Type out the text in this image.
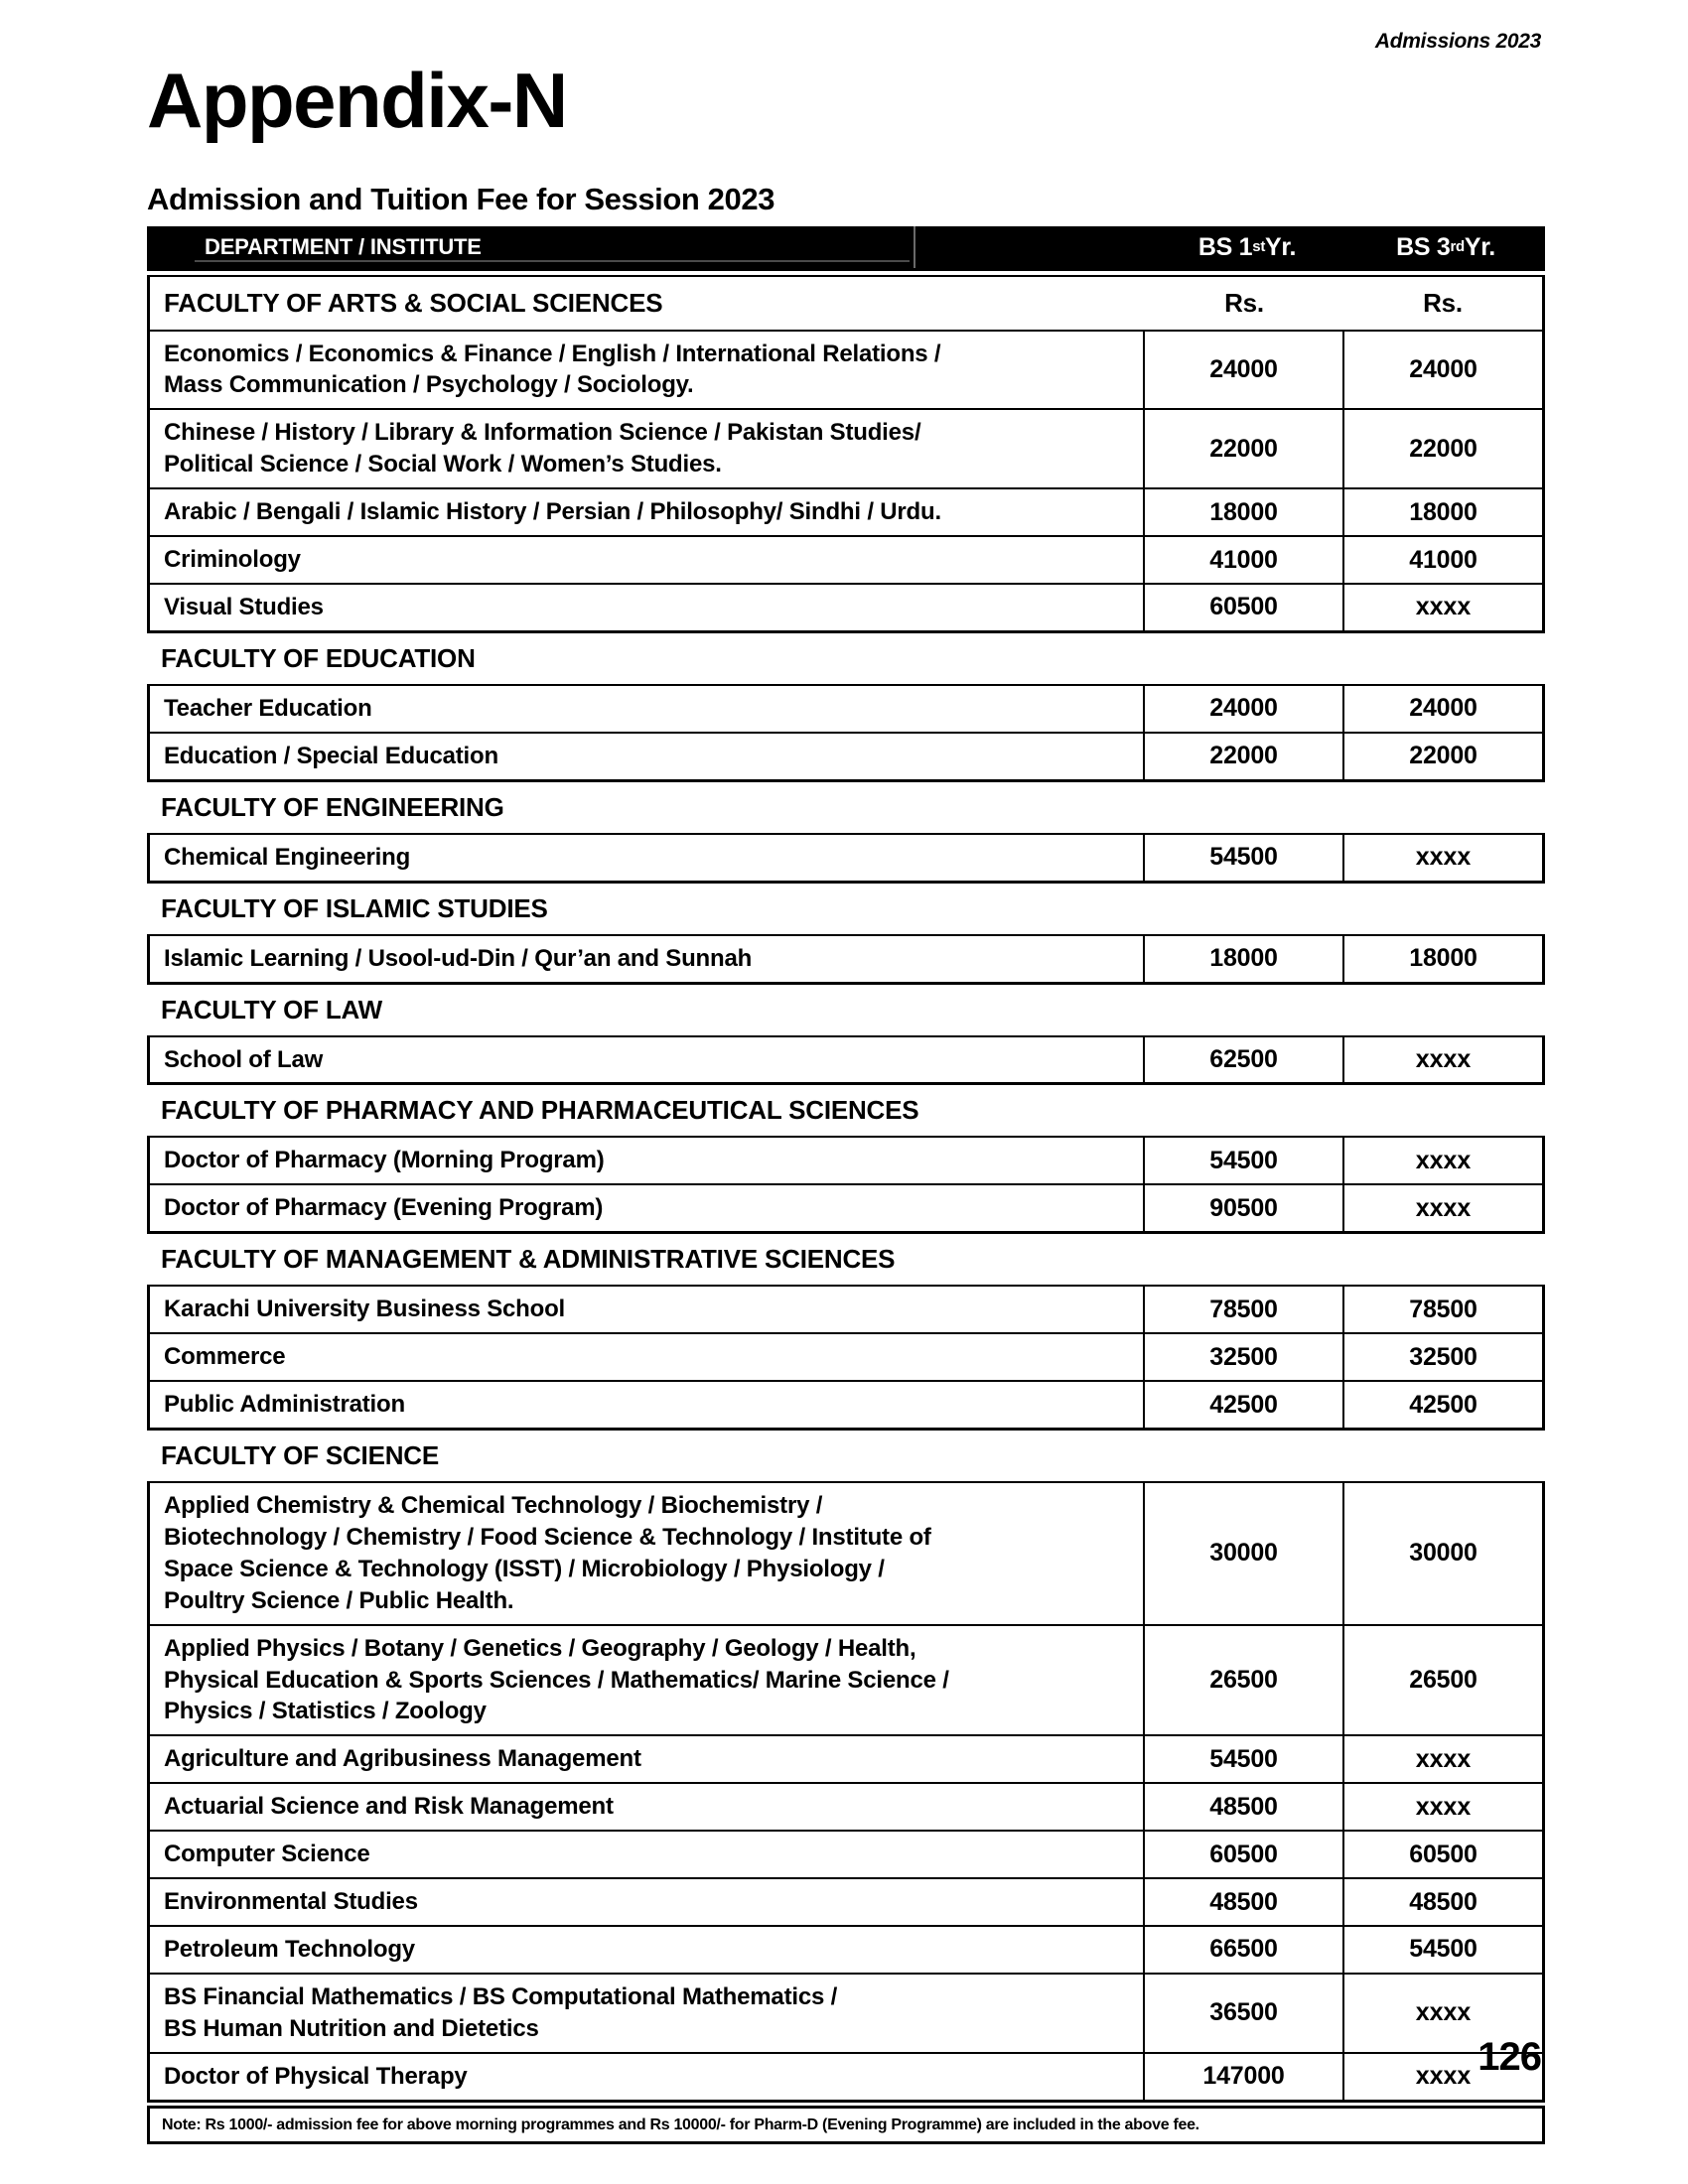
Admissions 2023
Appendix-N
Admission and Tuition Fee for Session 2023
DEPARTMENT / INSTITUTE	BS 1 st Yr.	BS 3 rd Yr.
FACULTY OF ARTS & SOCIAL SCIENCES	Rs.	Rs.
Economics / Economics & Finance / English / International Relations /
Mass Communication / Psychology / Sociology.
24000	24000
Chinese / History / Library & Information Science / Pakistan Studies/
Political Science / Social Work / Women’s Studies.
22000	22000
Arabic / Bengali / Islamic History / Persian / Philosophy/ Sindhi / Urdu.	18000	18000
Criminology	41000	41000
Visual Studies	60500	xxxx
FACULTY OF EDUCATION
Teacher Education	24000	24000
Education / Special Education	22000	22000
FACULTY OF ENGINEERING
Chemical Engineering	54500	xxxx
FACULTY OF ISLAMIC STUDIES
Islamic Learning / Usool-ud-Din / Qur’an and Sunnah	18000	18000
FACULTY OF LAW
School of Law	62500	xxxx
FACULTY OF PHARMACY AND PHARMACEUTICAL SCIENCES
Doctor of Pharmacy (Morning Program)	54500	xxxx
Doctor of Pharmacy (Evening Program)	90500	xxxx
FACULTY OF MANAGEMENT & ADMINISTRATIVE SCIENCES
Karachi University Business School	78500	78500
Commerce	32500	32500
Public Administration	42500	42500
FACULTY OF SCIENCE
Applied Chemistry & Chemical Technology / Biochemistry /
Biotechnology / Chemistry / Food Science & Technology / Institute of
Space Science & Technology (ISST) / Microbiology / Physiology /
Poultry Science / Public Health.
30000	30000
Applied Physics / Botany / Genetics / Geography / Geology / Health,
Physical Education & Sports Sciences / Mathematics/ Marine Science /
Physics / Statistics / Zoology
26500	26500
Agriculture and Agribusiness Management	54500	xxxx
Actuarial Science and Risk Management	48500	xxxx
Computer Science	60500	60500
Environmental Studies	48500	48500
Petroleum Technology	66500	54500
BS Financial Mathematics / BS Computational Mathematics /
BS Human Nutrition and Dietetics
36500	xxxx
Doctor of Physical Therapy	147000	xxxx
Note: Rs 1000/- admission fee for above morning programmes and Rs 10000/- for Pharm-D (Evening Programme) are included in the above fee.
126
